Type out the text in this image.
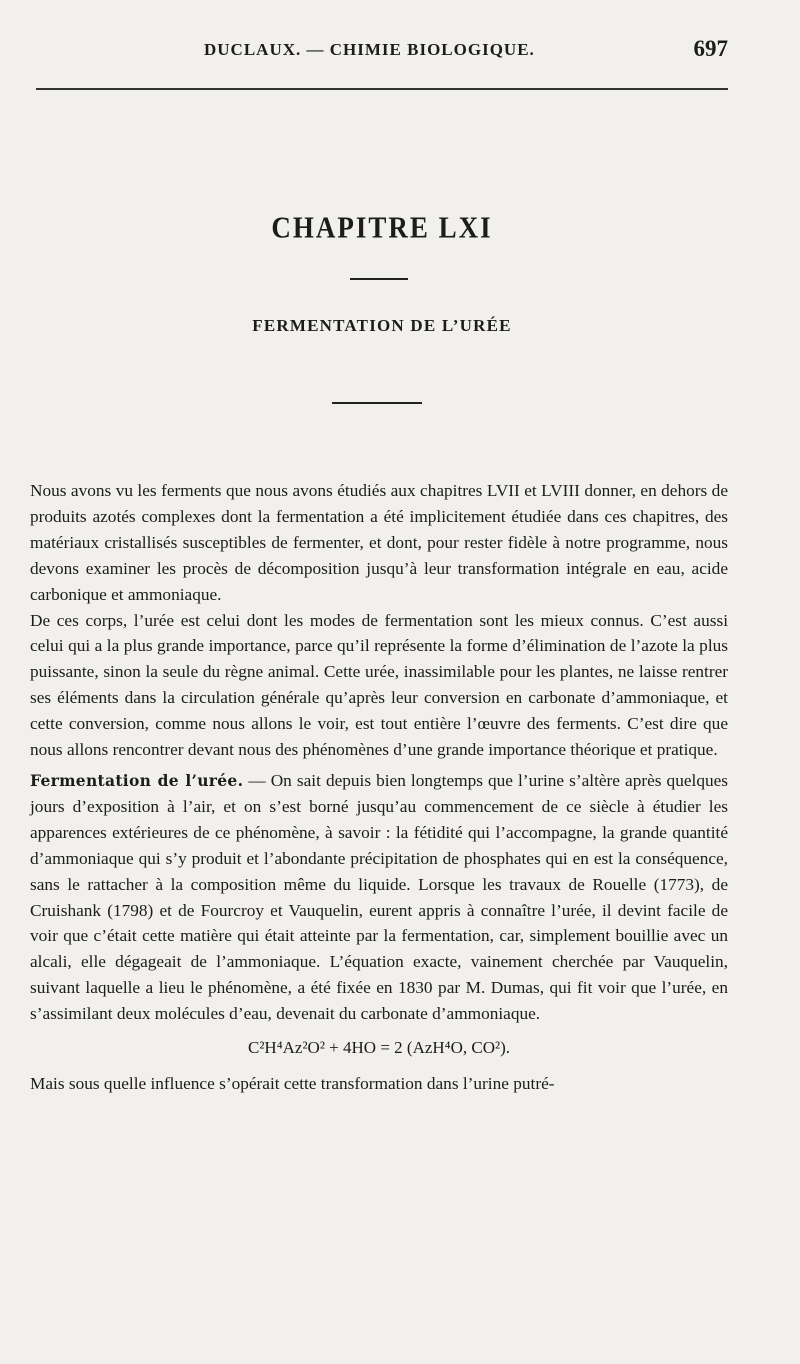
DUCLAUX. — CHIMIE BIOLOGIQUE.	697
CHAPITRE LXI
FERMENTATION DE L’URÉE

Nous avons vu les ferments que nous avons étudiés aux chapitres LVII et LVIII donner, en dehors de produits azotés complexes dont la fermentation a été implicitement étudiée dans ces chapitres, des matériaux cristallisés susceptibles de fermenter, et dont, pour rester fidèle à notre programme, nous devons examiner les procès de décomposition jusqu’à leur transformation intégrale en eau, acide carbonique et ammoniaque.

De ces corps, l’urée est celui dont les modes de fermentation sont les mieux connus. C’est aussi celui qui a la plus grande importance, parce qu’il représente la forme d’élimination de l’azote la plus puissante, sinon la seule du règne animal. Cette urée, inassimilable pour les plantes, ne laisse rentrer ses éléments dans la circulation générale qu’après leur conversion en carbonate d’ammoniaque, et cette conversion, comme nous allons le voir, est tout entière l’œuvre des ferments. C’est dire que nous allons rencontrer devant nous des phénomènes d’une grande importance théorique et pratique.

Fermentation de l’urée. — On sait depuis bien longtemps que l’urine s’altère après quelques jours d’exposition à l’air, et on s’est borné jusqu’au commencement de ce siècle à étudier les apparences extérieures de ce phénomène, à savoir : la fétidité qui l’accompagne, la grande quantité d’ammoniaque qui s’y produit et l’abondante précipitation de phosphates qui en est la conséquence, sans le rattacher à la composition même du liquide. Lorsque les travaux de Rouelle (1773), de Cruishank (1798) et de Fourcroy et Vauquelin, eurent appris à connaître l’urée, il devint facile de voir que c’était cette matière qui était atteinte par la fermentation, car, simplement bouillie avec un alcali, elle dégageait de l’ammoniaque. L’équation exacte, vainement cherchée par Vauquelin, suivant laquelle a lieu le phénomène, a été fixée en 1830 par M. Dumas, qui fit voir que l’urée, en s’assimilant deux molécules d’eau, devenait du carbonate d’ammoniaque.

C²H⁴Az²O² + 4HO = 2 (AzH⁴O, CO²).

Mais sous quelle influence s’opérait cette transformation dans l’urine putré-
